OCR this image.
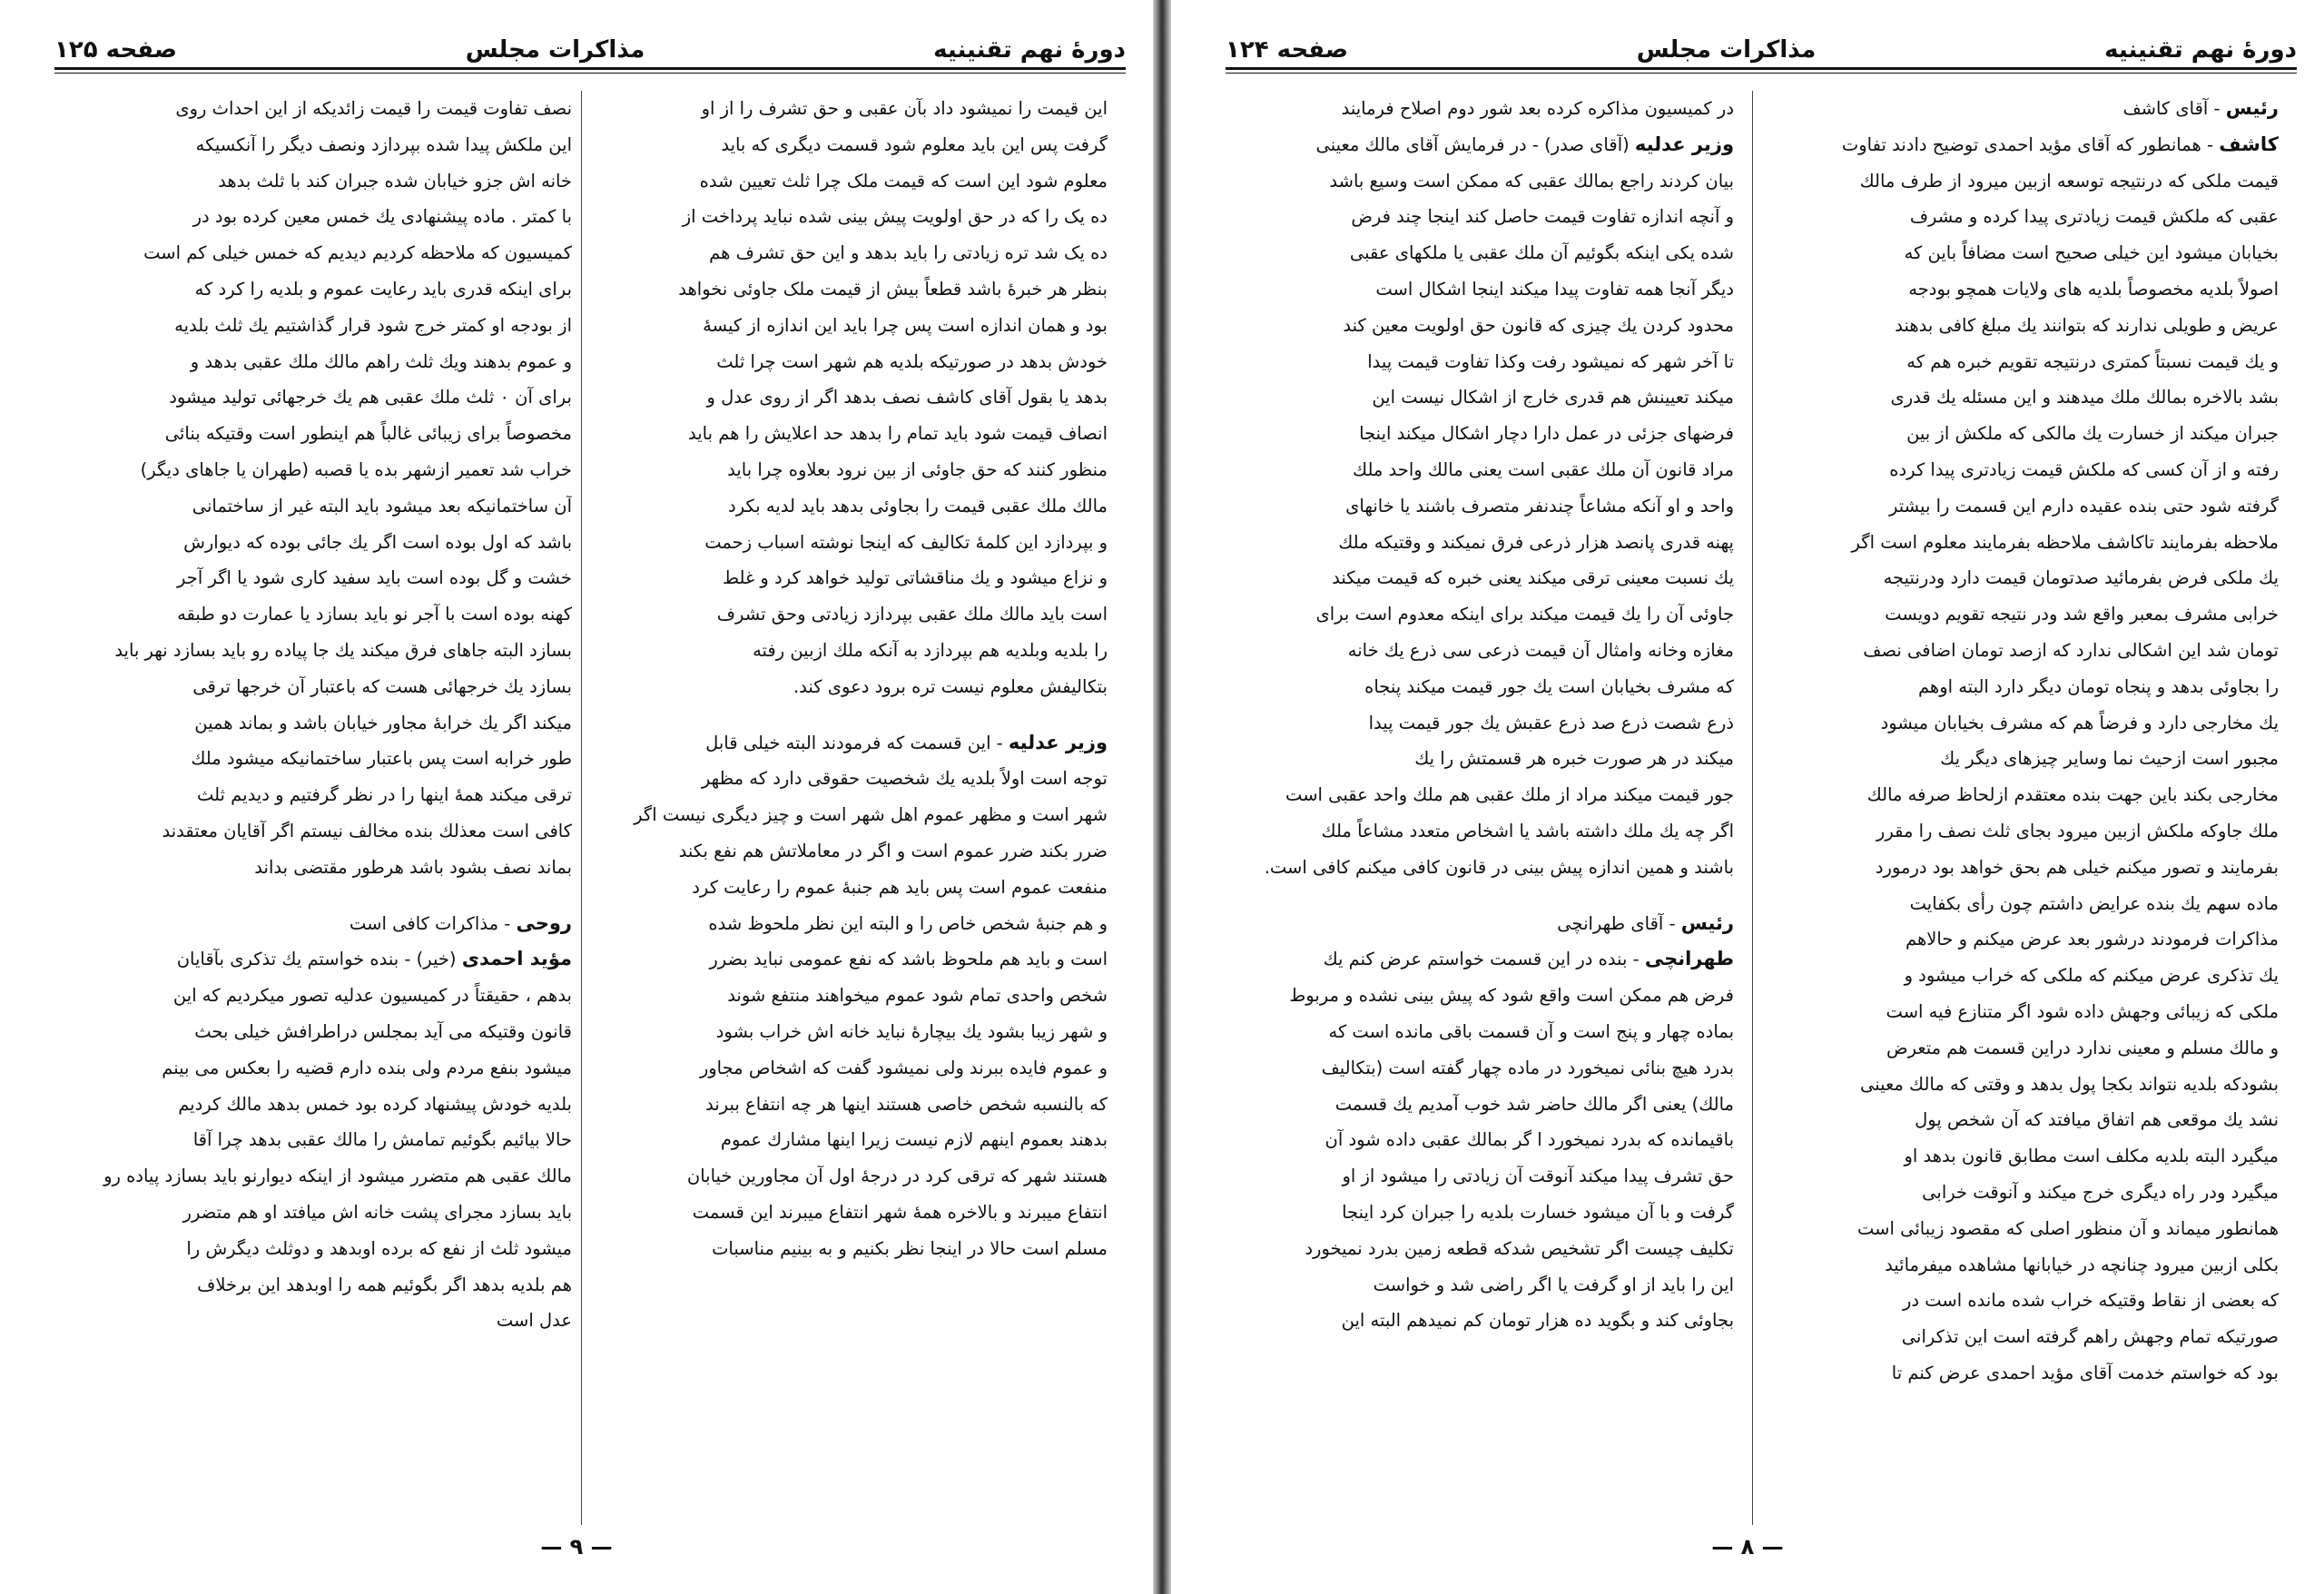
دورهٔ نهم تقنینیه
مذاکرات مجلس
صفحه ۱۲۵

این قیمت را نمیشود داد بآن عقبی و حق تشرف را از او

گرفت پس این باید معلوم شود قسمت دیگری که باید

معلوم شود این است که قیمت ملک چرا ثلث تعیین شده

ده یک را که در حق اولویت پیش بینی شده نباید پرداخت از

ده یک شد تره زیادتی را باید بدهد و این حق تشرف هم

بنظر هر خبرهٔ باشد قطعاً بیش از قیمت ملک جاوئی نخواهد

بود و همان اندازه است پس چرا باید این اندازه از کیسهٔ

خودش بدهد در صورتیکه بلدیه هم شهر است چرا ثلث

بدهد یا بقول آقای کاشف نصف بدهد اگر از روی عدل و

انصاف قیمت شود باید تمام را بدهد حد اعلایش را هم باید

منظور کنند که حق جاوئی از بین نرود بعلاوه چرا باید

مالك ملك عقبی قیمت را بجاوئی بدهد باید لدیه بکرد

و بپردازد این کلمهٔ تکالیف که اینجا نوشته اسباب زحمت

و نزاع میشود و یك مناقشاتی تولید خواهد کرد و غلط

است باید مالك ملك عقبی بپردازد زیادتی وحق تشرف

را بلدیه وبلدیه هم بپردازد به آنکه ملك ازبین رفته

بتکالیفش معلوم نیست تره برود دعوی کند.

وزیر عدلیه - این قسمت که فرمودند البته خیلی قابل

توجه است اولاً بلدیه یك شخصیت حقوقی دارد که مظهر

شهر است و مظهر عموم اهل شهر است و چیز دیگری نیست اگر

ضرر بکند ضرر عموم است و اگر در معاملاتش هم نفع بکند

منفعت عموم است پس باید هم جنبهٔ عموم را رعایت کرد

و هم جنبهٔ شخص خاص را و البته این نظر ملحوظ شده

است و باید هم ملحوظ باشد که نفع عمومی نباید بضرر

شخص واحدی تمام شود عموم میخواهند منتفع شوند

و شهر زیبا بشود یك بیچارهٔ نباید خانه اش خراب بشود

و عموم فایده ببرند ولی نمیشود گفت که اشخاص مجاور

که بالنسبه شخص خاصی هستند اینها هر چه انتفاع ببرند

بدهند بعموم اینهم لازم نیست زیرا اینها مشارك عموم

هستند شهر که ترقی کرد در درجهٔ اول آن مجاورین خیابان

انتفاع میبرند و بالاخره همهٔ شهر انتفاع میبرند این قسمت

مسلم است حالا در اینجا نظر بکنیم و به بینیم مناسبات

نصف تفاوت قیمت را قیمت زائدیکه از این احداث روی

این ملکش پیدا شده بپردازد ونصف دیگر را آنکسیکه

خانه اش جزو خیابان شده جبران کند با ثلث بدهد

با کمتر . ماده پیشنهادی یك خمس معین کرده بود در

کمیسیون که ملاحظه کردیم دیدیم که خمس خیلی کم است

برای اینکه قدری باید رعایت عموم و بلدیه را کرد که

از بودجه او کمتر خرج شود قرار گذاشتیم یك ثلث بلدیه

و عموم بدهند ویك ثلث راهم مالك ملك عقبی بدهد و

برای آن ۰ ثلث ملك عقبی هم یك خرجهائی تولید میشود

مخصوصاً برای زیبائی غالباً هم اینطور است وقتیکه بنائی

خراب شد تعمیر ازشهر بده یا قصبه (طهران یا جاهای دیگر)

آن ساختمانیکه بعد میشود باید البته غیر از ساختمانی

باشد که اول بوده است اگر یك جائی بوده که دیوارش

خشت و گل بوده است باید سفید کاری شود یا اگر آجر

کهنه بوده است با آجر نو باید بسازد یا عمارت دو طبقه

بسازد البته جاهای فرق میکند یك جا پیاده رو باید بسازد نهر باید

بسازد یك خرجهائی هست که باعتبار آن خرجها ترقی

میکند اگر یك خرابهٔ مجاور خیابان باشد و بماند همین

طور خرابه است پس باعتبار ساختمانیکه میشود ملك

ترقی میکند همهٔ اینها را در نظر گرفتیم و دیدیم ثلث

کافی است معذلك بنده مخالف نیستم اگر آقایان معتقدند

بماند نصف بشود باشد هرطور مقتضی بداند

روحی - مذاکرات کافی است

مؤید احمدی (خیر) - بنده خواستم یك تذکری بآقایان

بدهم ، حقیقتاً در کمیسیون عدلیه تصور میکردیم که این

قانون وقتیکه می آید بمجلس دراطرافش خیلی بحث

میشود بنفع مردم ولی بنده دارم قضیه را بعکس می بینم

بلدیه خودش پیشنهاد کرده بود خمس بدهد مالك کردیم

حالا بیائیم بگوئیم تمامش را مالك عقبی بدهد چرا آقا

مالك عقبی هم متضرر میشود از اینکه دیوارنو باید بسازد پیاده رو

باید بسازد مجرای پشت خانه اش میافتد او هم متضرر

میشود ثلث از نفع که برده اوبدهد و دوثلث دیگرش را

هم بلدیه بدهد اگر بگوئیم همه را اوبدهد این برخلاف

عدل است

— ۹ —
دورهٔ نهم تقنینیه
مذاکرات مجلس
صفحه ۱۲۴

رئیس - آقای کاشف

کاشف - همانطور که آقای مؤید احمدی توضیح دادند تفاوت

قیمت ملکی که درنتیجه توسعه ازبین میرود از طرف مالك

عقبی که ملکش قیمت زیادتری پیدا کرده و مشرف

بخیابان میشود این خیلی صحیح است مضافاً باین که

اصولاً بلدیه مخصوصاً بلدیه های ولایات همچو بودجه

عریض و طویلی ندارند که بتوانند یك مبلغ کافی بدهند

و یك قیمت نسبتاً کمتری درنتیجه تقویم خبره هم که

بشد بالاخره بمالك ملك میدهند و این مسئله یك قدری

جبران میکند از خسارت یك مالکی که ملکش از بین

رفته و از آن کسی که ملکش قیمت زیادتری پیدا کرده

گرفته شود حتی بنده عقیده دارم این قسمت را بیشتر

ملاحظه بفرمایند تاکاشف ملاحظه بفرمایند معلوم است اگر

یك ملکی فرض بفرمائید صدتومان قیمت دارد ودرنتیجه

خرابی مشرف بمعبر واقع شد ودر نتیجه تقویم دویست

تومان شد این اشکالی ندارد که ازصد تومان اضافی نصف

را بجاوئی بدهد و پنجاه تومان دیگر دارد البته اوهم

یك مخارجی دارد و فرضاً هم که مشرف بخیابان میشود

مجبور است ازحیث نما وسایر چیزهای دیگر یك

مخارجی بکند باین جهت بنده معتقدم ازلحاظ صرفه مالك

ملك جاوکه ملکش ازبین میرود بجای ثلث نصف را مقرر

بفرمایند و تصور میکنم خیلی هم بحق خواهد بود درمورد

ماده سهم یك بنده عرایض داشتم چون رأی بکفایت

مذاکرات فرمودند درشور بعد عرض میکنم و حالاهم

یك تذکری عرض میکنم که ملکی که خراب میشود و

ملکی که زیبائی وجهش داده شود اگر متنازع فیه است

و مالك مسلم و معینی ندارد دراین قسمت هم متعرض

بشودکه بلدیه نتواند بکجا پول بدهد و وقتی که مالك معینی

نشد یك موقعی هم اتفاق میافتد که آن شخص پول

میگیرد البته بلدیه مکلف است مطابق قانون بدهد او

میگیرد ودر راه دیگری خرج میکند و آنوقت خرابی

همانطور میماند و آن منظور اصلی که مقصود زیبائی است

بکلی ازبین میرود چنانچه در خیابانها مشاهده میفرمائید

که بعضی از نقاط وقتیکه خراب شده مانده است در

صورتیکه تمام وجهش راهم گرفته است این تذکرانی

بود که خواستم خدمت آقای مؤید احمدی عرض کنم تا

در کمیسیون مذاکره کرده بعد شور دوم اصلاح فرمایند

وزیر عدلیه (آقای صدر) - در فرمایش آقای مالك معینی

بیان کردند راجع بمالك عقبی که ممکن است وسیع باشد

و آنچه اندازه تفاوت قیمت حاصل کند اینجا چند فرض

شده یکی اینکه بگوئیم آن ملك عقبی یا ملکهای عقبی

دیگر آنجا همه تفاوت پیدا میکند اینجا اشکال است

محدود کردن یك چیزی که قانون حق اولویت معین کند

تا آخر شهر که نمیشود رفت وکذا تفاوت قیمت پیدا

میکند تعیینش هم قدری خارج از اشکال نیست این

فرضهای جزئی در عمل دارا دچار اشکال میکند اینجا

مراد قانون آن ملك عقبی است یعنی مالك واحد ملك

واحد و او آنکه مشاعاً چندنفر متصرف باشند یا خانهای

پهنه قدری پانصد هزار ذرعی فرق نمیکند و وقتیکه ملك

یك نسبت معینی ترقی میکند یعنی خبره که قیمت میکند

جاوئی آن را یك قیمت میکند برای اینکه معدوم است برای

مغازه وخانه وامثال آن قیمت ذرعی سی ذرع یك خانه

که مشرف بخیابان است یك جور قیمت میکند پنجاه

ذرع شصت ذرع صد ذرع عقبش یك جور قیمت پیدا

میکند در هر صورت خبره هر قسمتش را یك

جور قیمت میکند مراد از ملك عقبی هم ملك واحد عقبی است

اگر چه یك ملك داشته باشد یا اشخاص متعدد مشاعاً ملك

باشند و همین اندازه پیش بینی در قانون کافی میکنم کافی است.

رئیس - آقای طهرانچی

طهرانچی - بنده در این قسمت خواستم عرض کنم یك

فرض هم ممکن است واقع شود که پیش بینی نشده و مربوط

بماده چهار و پنج است و آن قسمت باقی مانده است که

بدرد هیچ بنائی نمیخورد در ماده چهار گفته است (بتکالیف

مالك) یعنی اگر مالك حاضر شد خوب آمدیم یك قسمت

باقیمانده که بدرد نمیخورد ا گر بمالك عقبی داده شود آن

حق تشرف پیدا میکند آنوقت آن زیادتی را میشود از او

گرفت و با آن میشود خسارت بلدیه را جبران کرد اینجا

تکلیف چیست اگر تشخیص شدکه قطعه زمین بدرد نمیخورد

این را باید از او گرفت یا اگر راضی شد و خواست

بجاوئی کند و بگوید ده هزار تومان کم نمیدهم البته این

— ۸ —
